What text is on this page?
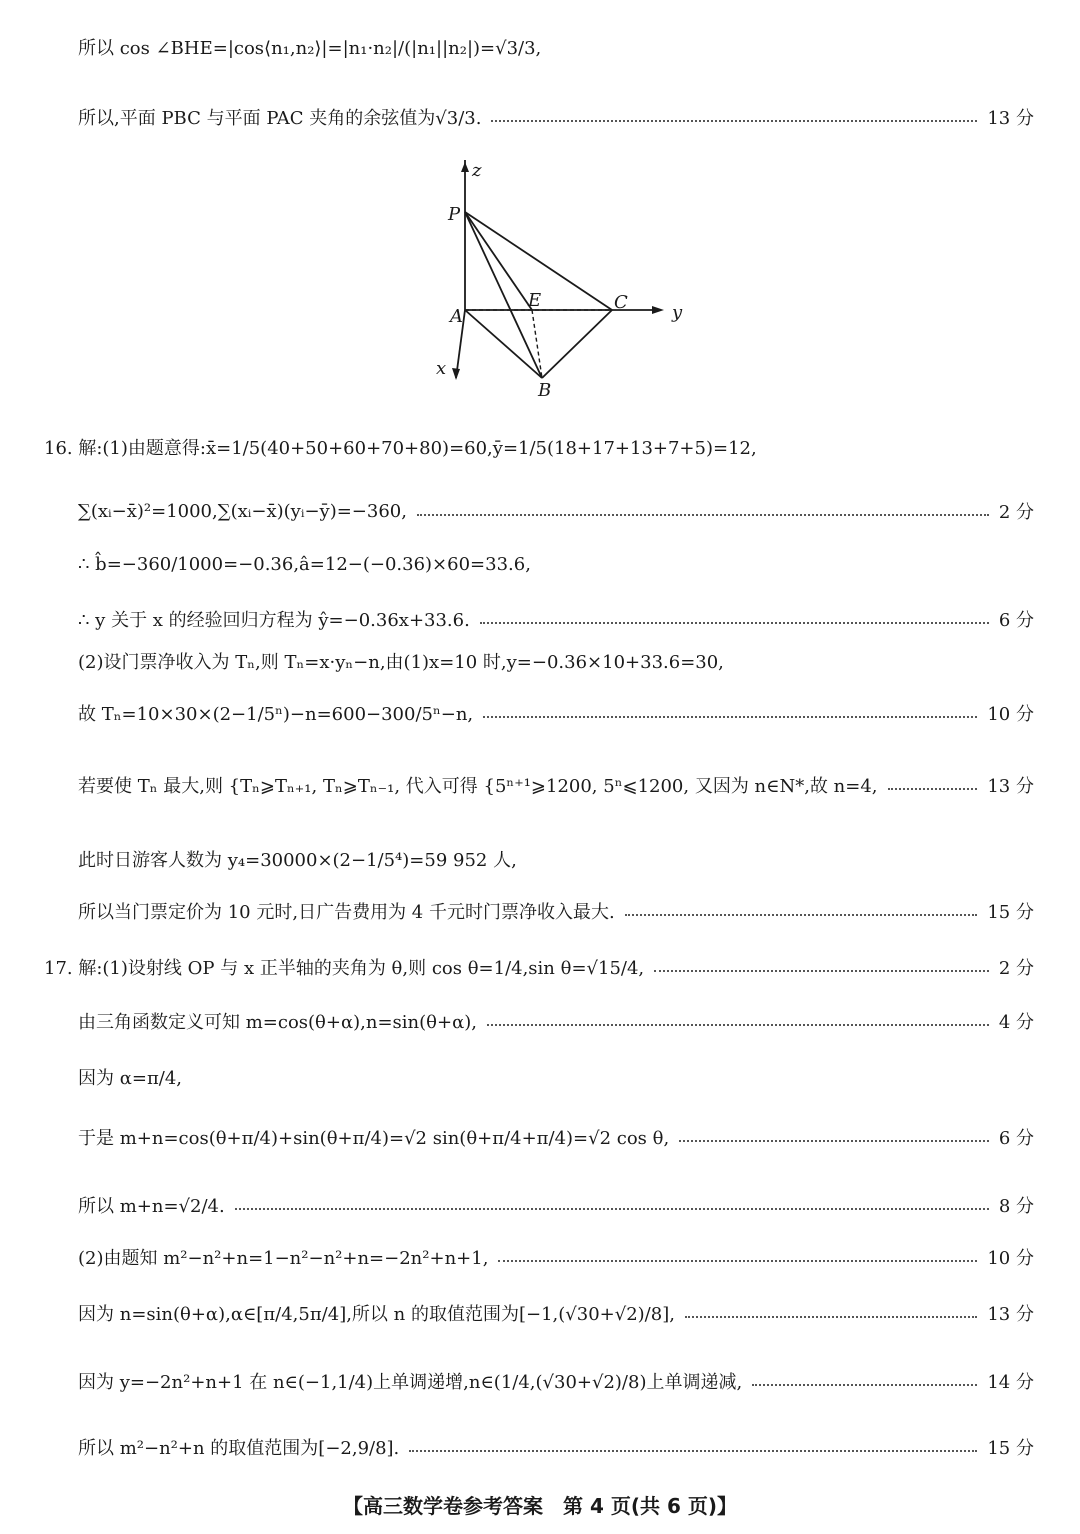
所以 cos ∠BHE=|cos⟨n₁,n₂⟩|=|n₁·n₂|/(|n₁||n₂|)=√3/3,
所以,平面 PBC 与平面 PAC 夹角的余弦值为√3/3.	13 分
z
P
A
E	C y
x
B
16. 解:(1)由题意得:x̄=1/5(40+50+60+70+80)=60,ȳ=1/5(18+17+13+7+5)=12,
∑(xᵢ−x̄)²=1000,∑(xᵢ−x̄)(yᵢ−ȳ)=−360,	2 分
∴ b̂=−360/1000=−0.36,â=12−(−0.36)×60=33.6,
∴ y 关于 x 的经验回归方程为 ŷ=−0.36x+33.6.	6 分
(2)设门票净收入为 Tₙ,则 Tₙ=x·yₙ−n,由(1)x=10 时,y=−0.36×10+33.6=30,
故 Tₙ=10×30×(2−1/5ⁿ)−n=600−300/5ⁿ−n,	10 分
若要使 Tₙ 最大,则 {Tₙ⩾Tₙ₊₁, Tₙ⩾Tₙ₋₁, 代入可得 {5ⁿ⁺¹⩾1200, 5ⁿ⩽1200, 又因为 n∈N*,故 n=4,	13 分
此时日游客人数为 y₄=30000×(2−1/5⁴)=59 952 人,
所以当门票定价为 10 元时,日广告费用为 4 千元时门票净收入最大.	15 分
17. 解:(1)设射线 OP 与 x 正半轴的夹角为 θ,则 cos θ=1/4,sin θ=√15/4,	2 分
由三角函数定义可知 m=cos(θ+α),n=sin(θ+α),	4 分
因为 α=π/4,
于是 m+n=cos(θ+π/4)+sin(θ+π/4)=√2 sin(θ+π/4+π/4)=√2 cos θ,	6 分
所以 m+n=√2/4.	8 分
(2)由题知 m²−n²+n=1−n²−n²+n=−2n²+n+1,	10 分
因为 n=sin(θ+α),α∈[π/4,5π/4],所以 n 的取值范围为[−1,(√30+√2)/8],	13 分
因为 y=−2n²+n+1 在 n∈(−1,1/4)上单调递增,n∈(1/4,(√30+√2)/8)上单调递减,	14 分
所以 m²−n²+n 的取值范围为[−2,9/8].	15 分
【高三数学卷参考答案　第 4 页(共 6 页)】
